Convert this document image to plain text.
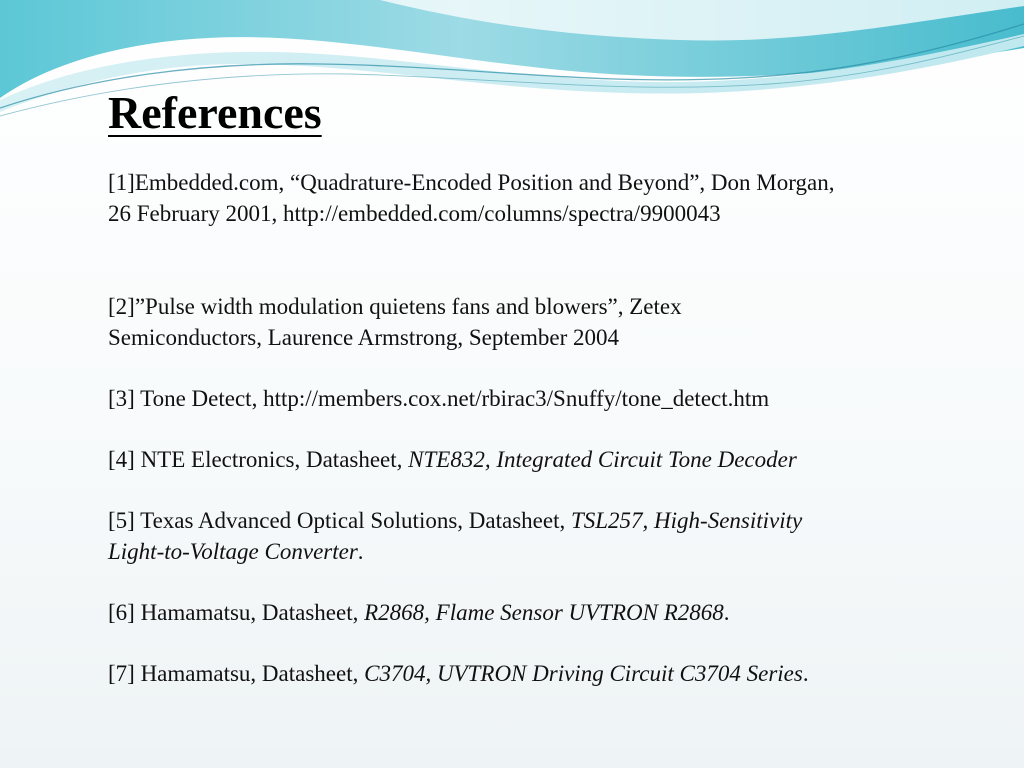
References

[1]Embedded.com, “Quadrature-Encoded Position and Beyond”, Don Morgan,
26 February 2001, http://embedded.com/columns/spectra/9900043

[2]”Pulse width modulation quietens fans and blowers”, Zetex
Semiconductors, Laurence Armstrong, September 2004

[3] Tone Detect, http://members.cox.net/rbirac3/Snuffy/tone_detect.htm

[4] NTE Electronics, Datasheet, NTE832, Integrated Circuit Tone Decoder

[5] Texas Advanced Optical Solutions, Datasheet, TSL257, High-Sensitivity
Light-to-Voltage Converter.

[6] Hamamatsu, Datasheet, R2868, Flame Sensor UVTRON R2868.

[7] Hamamatsu, Datasheet, C3704, UVTRON Driving Circuit C3704 Series.
